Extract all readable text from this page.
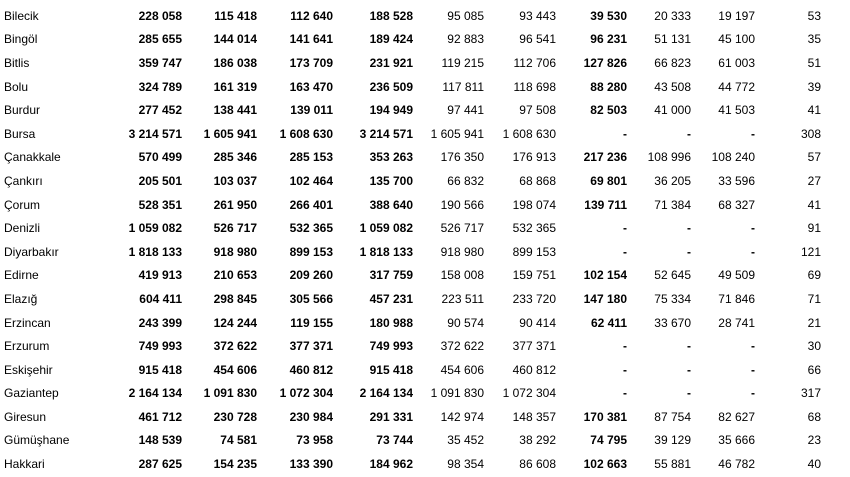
Bilecik	228 058	115 418	112 640	188 528	95 085	93 443	39 530	20 333	19 197	53
Bingöl	285 655	144 014	141 641	189 424	92 883	96 541	96 231	51 131	45 100	35
Bitlis	359 747	186 038	173 709	231 921	119 215	112 706	127 826	66 823	61 003	51
Bolu	324 789	161 319	163 470	236 509	117 811	118 698	88 280	43 508	44 772	39
Burdur	277 452	138 441	139 011	194 949	97 441	97 508	82 503	41 000	41 503	41
Bursa	3 214 571	1 605 941	1 608 630	3 214 571	1 605 941	1 608 630	-	-	-	308
Çanakkale	570 499	285 346	285 153	353 263	176 350	176 913	217 236	108 996	108 240	57
Çankırı	205 501	103 037	102 464	135 700	66 832	68 868	69 801	36 205	33 596	27
Çorum	528 351	261 950	266 401	388 640	190 566	198 074	139 711	71 384	68 327	41
Denizli	1 059 082	526 717	532 365	1 059 082	526 717	532 365	-	-	-	91
Diyarbakır	1 818 133	918 980	899 153	1 818 133	918 980	899 153	-	-	-	121
Edirne	419 913	210 653	209 260	317 759	158 008	159 751	102 154	52 645	49 509	69
Elazığ	604 411	298 845	305 566	457 231	223 511	233 720	147 180	75 334	71 846	71
Erzincan	243 399	124 244	119 155	180 988	90 574	90 414	62 411	33 670	28 741	21
Erzurum	749 993	372 622	377 371	749 993	372 622	377 371	-	-	-	30
Eskişehir	915 418	454 606	460 812	915 418	454 606	460 812	-	-	-	66
Gaziantep	2 164 134	1 091 830	1 072 304	2 164 134	1 091 830	1 072 304	-	-	-	317
Giresun	461 712	230 728	230 984	291 331	142 974	148 357	170 381	87 754	82 627	68
Gümüşhane	148 539	74 581	73 958	73 744	35 452	38 292	74 795	39 129	35 666	23
Hakkari	287 625	154 235	133 390	184 962	98 354	86 608	102 663	55 881	46 782	40
